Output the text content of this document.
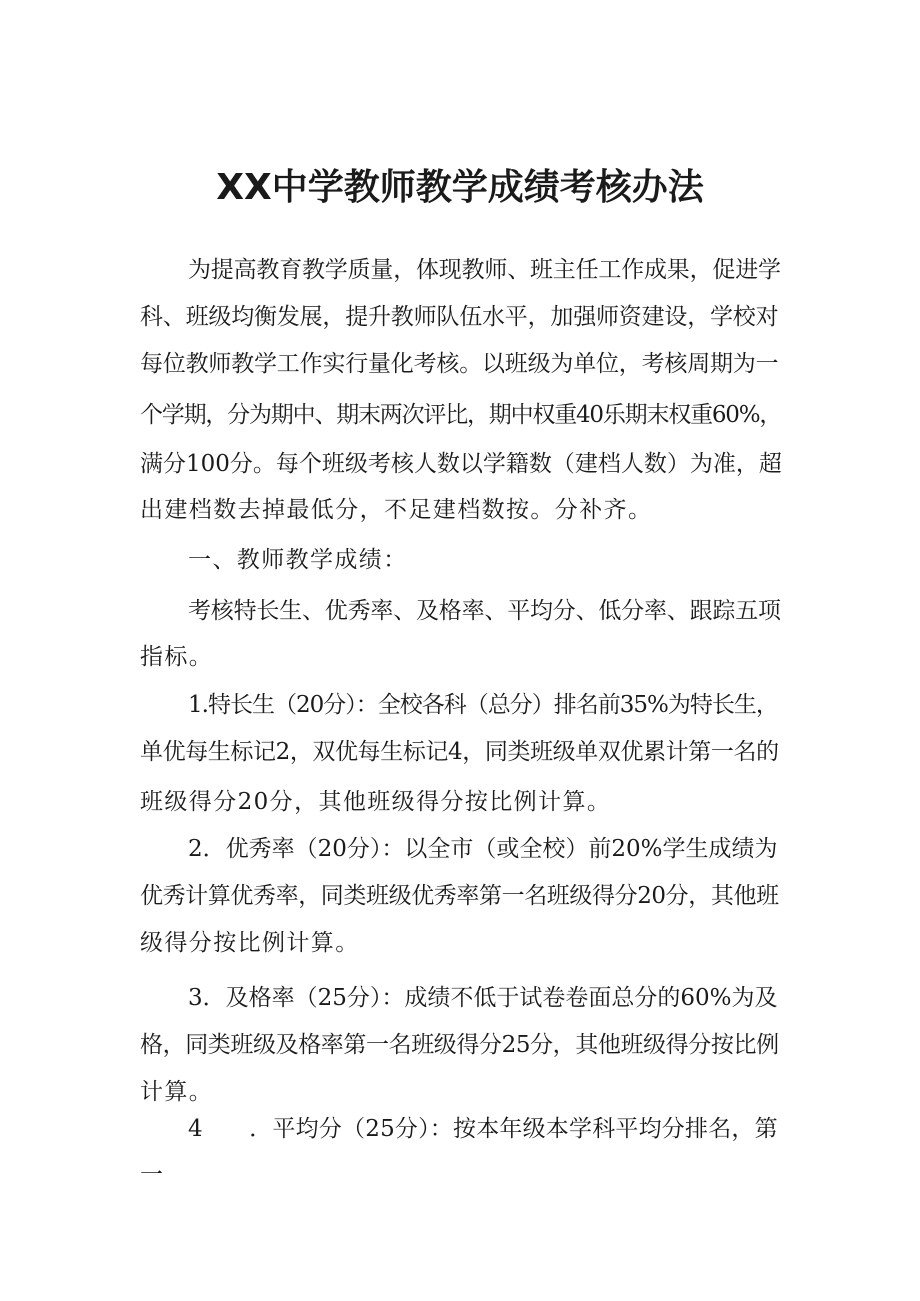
XX中学教师教学成绩考核办法
为提高教育教学质量，体现教师、班主任工作成果，促进学
科、班级均衡发展，提升教师队伍水平，加强师资建设，学校对
每位教师教学工作实行量化考核。以班级为单位，考核周期为一
个学期，分为期中、期末两次评比，期中权重40乐期末权重60%，
满分100分。每个班级考核人数以学籍数（建档人数）为准，超
出建档数去掉最低分，不足建档数按。分补齐。
一、教师教学成绩：
考核特长生、优秀率、及格率、平均分、低分率、跟踪五项
指标。
1.特长生（20分）：全校各科（总分）排名前35%为特长生，
单优每生标记2，双优每生标记4，同类班级单双优累计第一名的
班级得分20分，其他班级得分按比例计算。
2．优秀率（20分）：以全市（或全校）前20%学生成绩为
优秀计算优秀率，同类班级优秀率第一名班级得分20分，其他班
级得分按比例计算。
3．及格率（25分）：成绩不低于试卷卷面总分的60%为及
格，同类班级及格率第一名班级得分25分，其他班级得分按比例
计算。
4　　．平均分（25分）：按本年级本学科平均分排名，第
一
